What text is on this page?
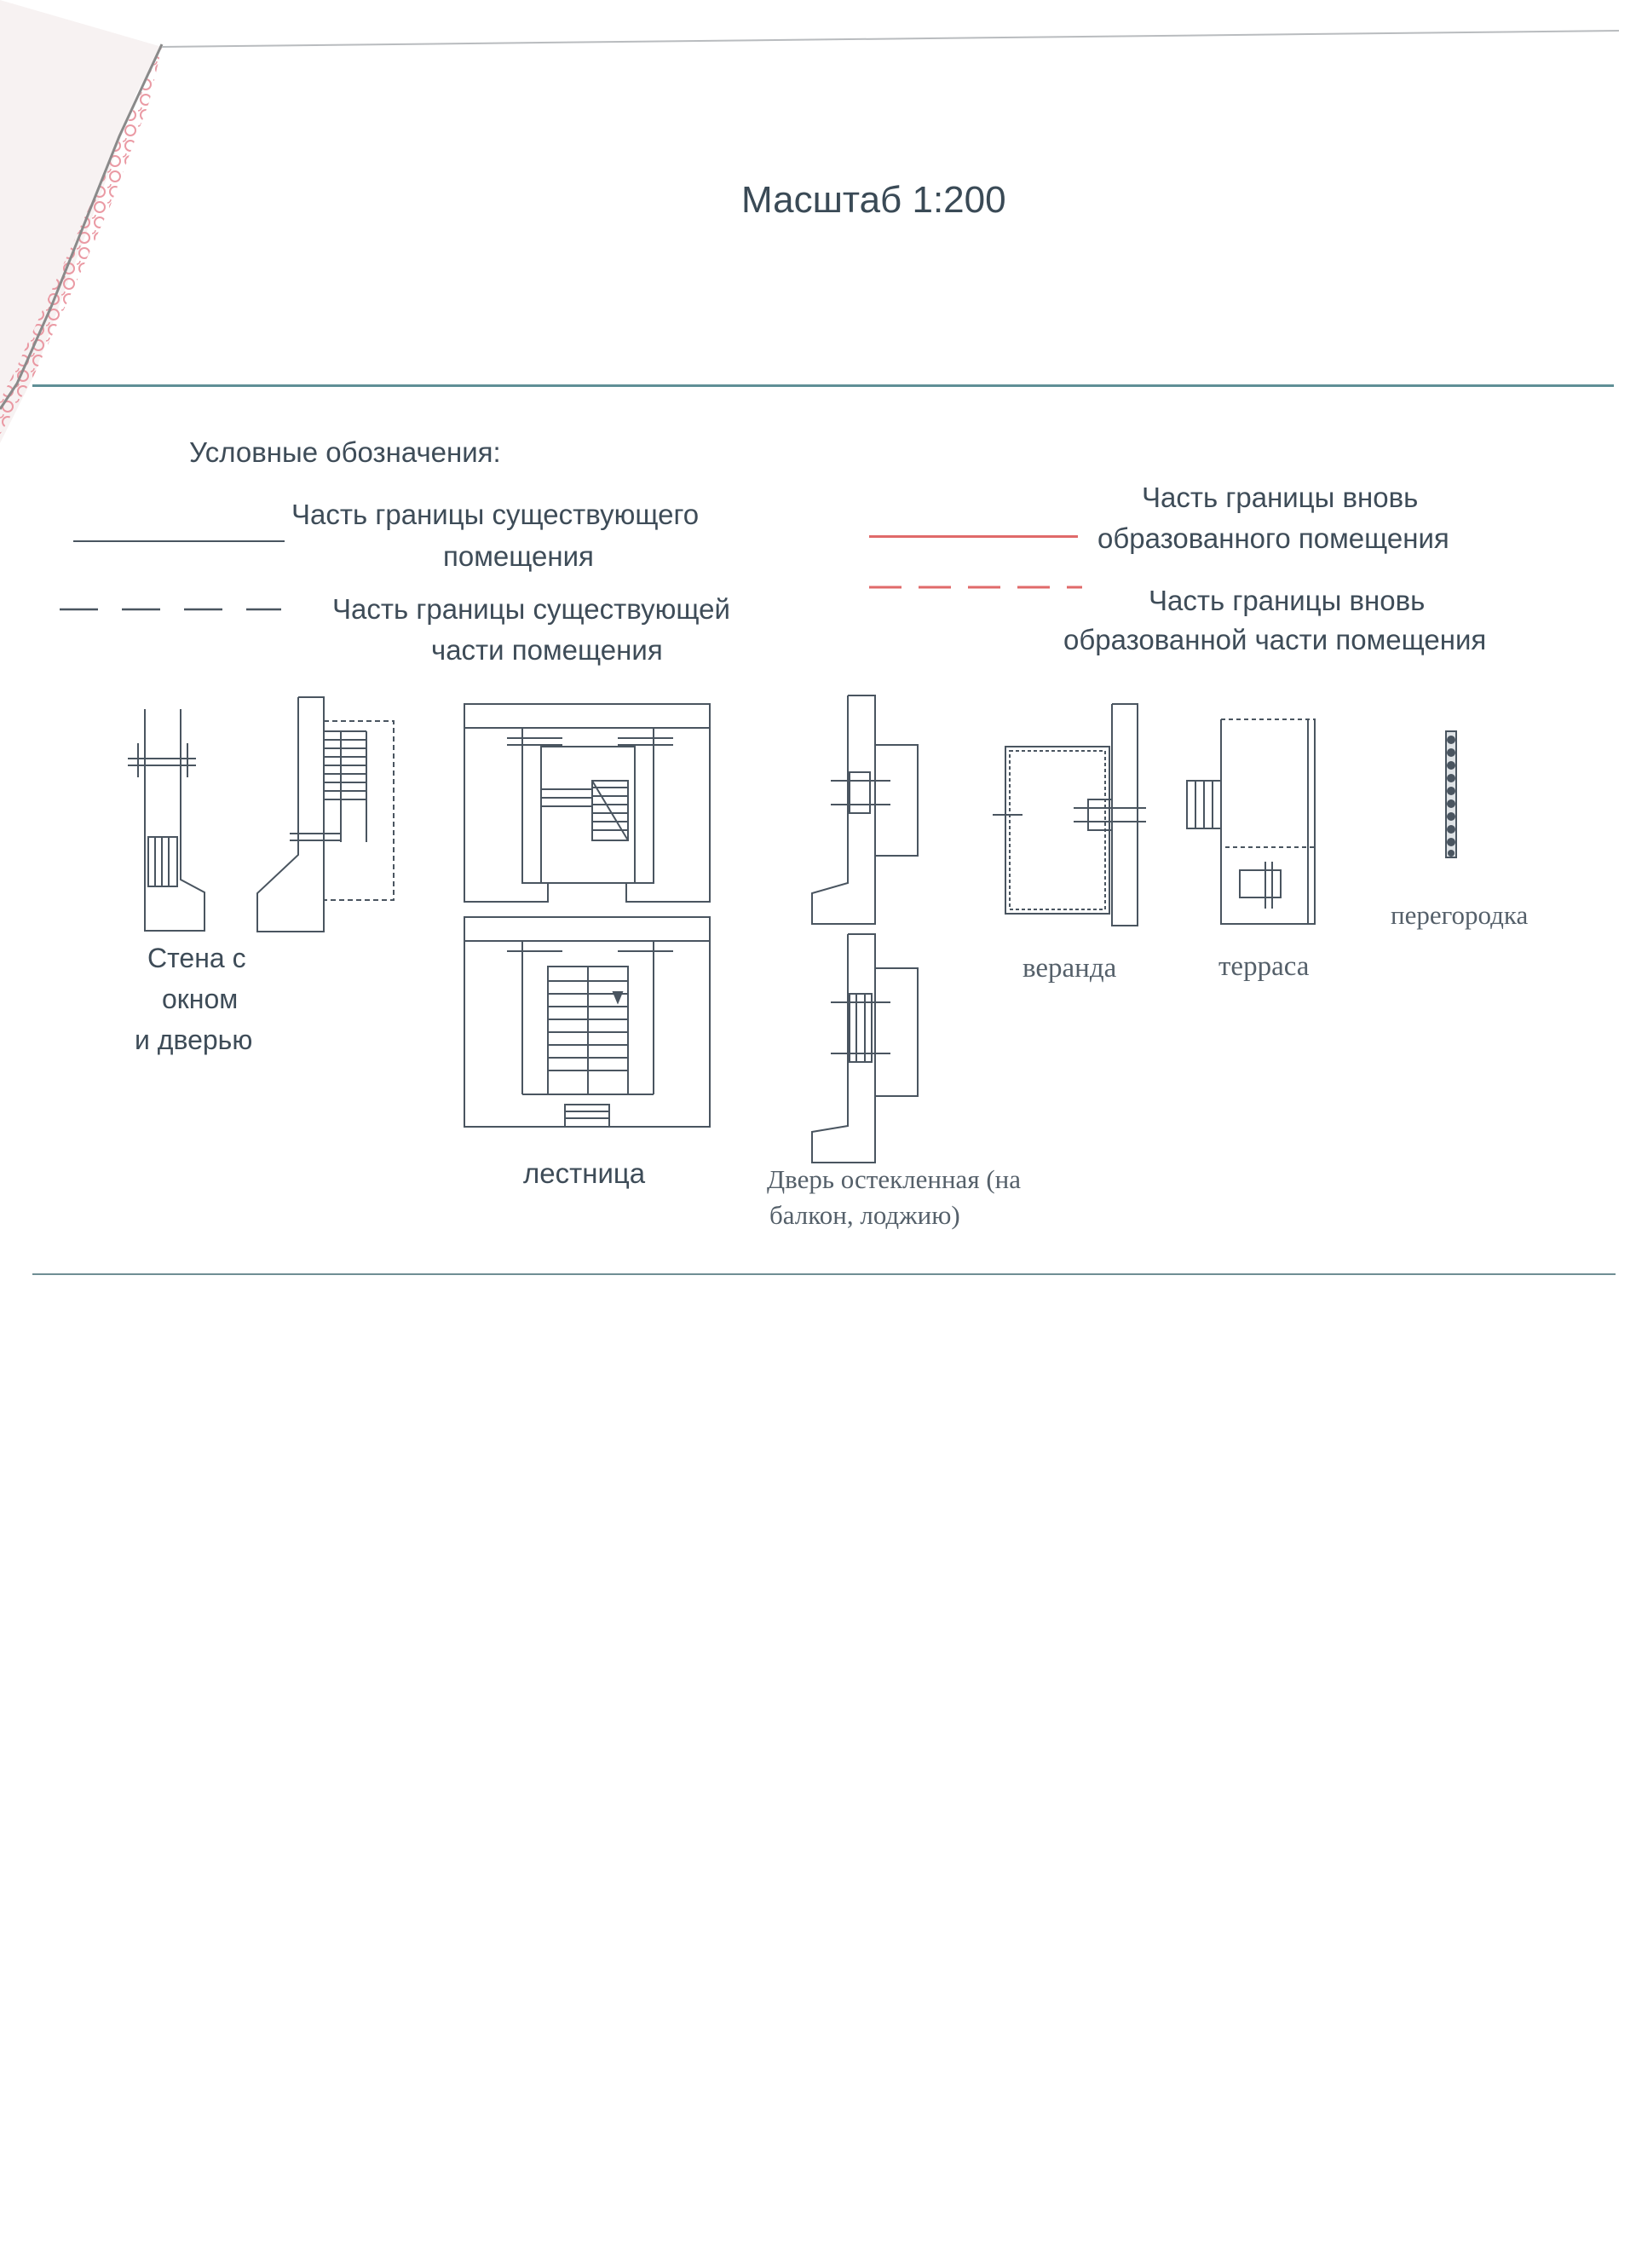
Масштаб 1:200
Условные обозначения:
Часть границы существующего
помещения
Часть границы существующей
части помещения
Часть границы вновь
образованного помещения
Часть границы вновь
образованной части помещения
Стена с
окном
и дверью
лестница	Дверь остекленная (на
балкон, лоджию)
веранда	терраса
перегородка
